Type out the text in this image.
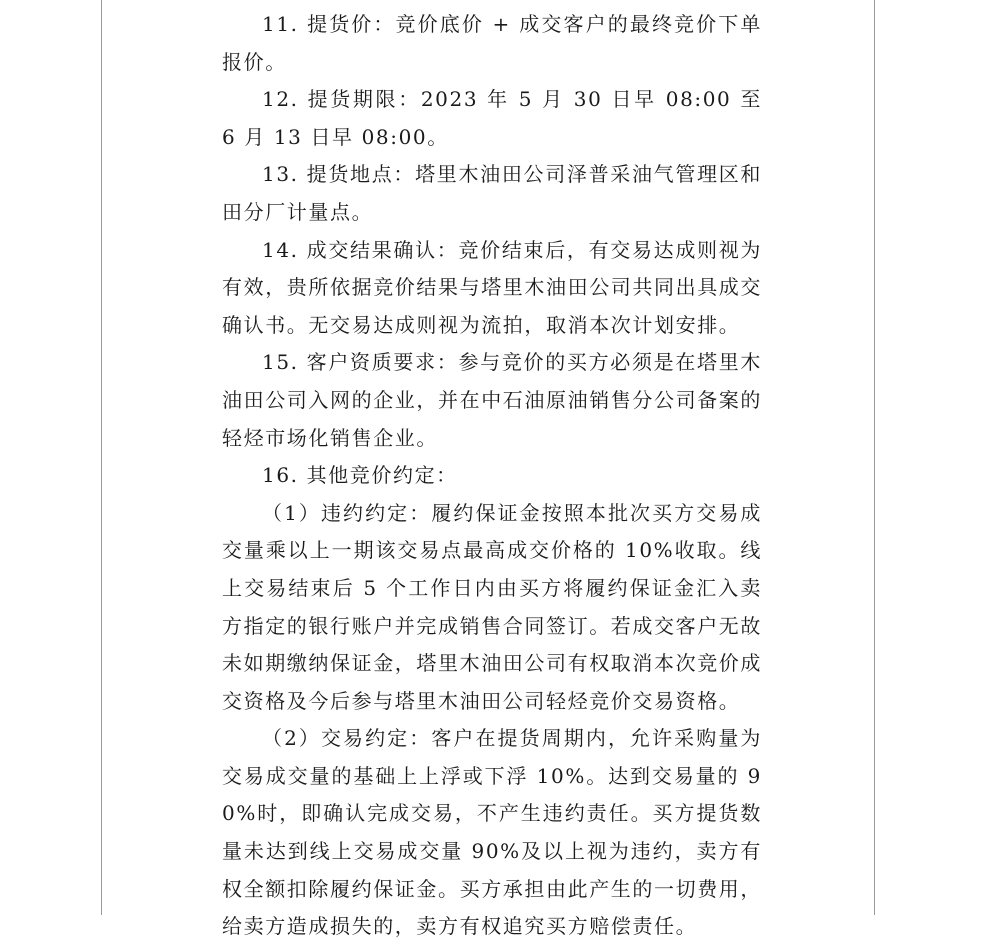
11. 提货价：竞价底价 + 成交客户的最终竞价下单报价。

12. 提货期限：2023 年 5 月 30 日早 08:00 至 6 月 13 日早 08:00。

13. 提货地点：塔里木油田公司泽普采油气管理区和田分厂计量点。

14. 成交结果确认：竞价结束后，有交易达成则视为有效，贵所依据竞价结果与塔里木油田公司共同出具成交确认书。无交易达成则视为流拍，取消本次计划安排。

15. 客户资质要求：参与竞价的买方必须是在塔里木油田公司入网的企业，并在中石油原油销售分公司备案的轻烃市场化销售企业。

16. 其他竞价约定：

（1）违约约定：履约保证金按照本批次买方交易成交量乘以上一期该交易点最高成交价格的 10%收取。线上交易结束后 5 个工作日内由买方将履约保证金汇入卖方指定的银行账户并完成销售合同签订。若成交客户无故未如期缴纳保证金，塔里木油田公司有权取消本次竞价成交资格及今后参与塔里木油田公司轻烃竞价交易资格。

（2）交易约定：客户在提货周期内，允许采购量为交易成交量的基础上上浮或下浮 10%。达到交易量的 90%时，即确认完成交易，不产生违约责任。买方提货数量未达到线上交易成交量 90%及以上视为违约，卖方有权全额扣除履约保证金。买方承担由此产生的一切费用，给卖方造成损失的，卖方有权追究买方赔偿责任。
